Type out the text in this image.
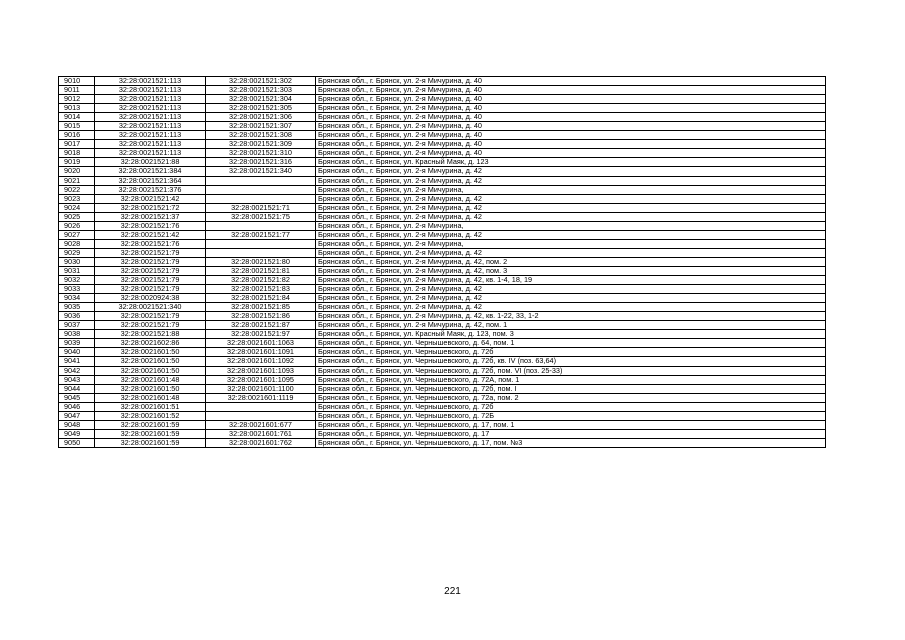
9010	32:28:0021521:113	32:28:0021521:302	Брянская обл., г. Брянск, ул. 2-я Мичурина, д. 40
9011	32:28:0021521:113	32:28:0021521:303	Брянская обл., г. Брянск, ул. 2-я Мичурина, д. 40
9012	32:28:0021521:113	32:28:0021521:304	Брянская обл., г. Брянск, ул. 2-я Мичурина, д. 40
9013	32:28:0021521:113	32:28:0021521:305	Брянская обл., г. Брянск, ул. 2-я Мичурина, д. 40
9014	32:28:0021521:113	32:28:0021521:306	Брянская обл., г. Брянск, ул. 2-я Мичурина, д. 40
9015	32:28:0021521:113	32:28:0021521:307	Брянская обл., г. Брянск, ул. 2-я Мичурина, д. 40
9016	32:28:0021521:113	32:28:0021521:308	Брянская обл., г. Брянск, ул. 2-я Мичурина, д. 40
9017	32:28:0021521:113	32:28:0021521:309	Брянская обл., г. Брянск, ул. 2-я Мичурина, д. 40
9018	32:28:0021521:113	32:28:0021521:310	Брянская обл., г. Брянск, ул. 2-я Мичурина, д. 40
9019	32:28:0021521:88	32:28:0021521:316	Брянская обл., г. Брянск, ул. Красный Маяк, д. 123
9020	32:28:0021521:384	32:28:0021521:340	Брянская обл., г. Брянск, ул. 2-я Мичурина, д. 42
9021	32:28:0021521:364		Брянская обл., г. Брянск, ул. 2-я Мичурина, д. 42
9022	32:28:0021521:376		Брянская обл., г. Брянск, ул. 2-я Мичурина,
9023	32:28:0021521:42		Брянская обл., г. Брянск, ул. 2-я Мичурина, д. 42
9024	32:28:0021521:72	32:28:0021521:71	Брянская обл., г. Брянск, ул. 2-я Мичурина, д. 42
9025	32:28:0021521:37	32:28:0021521:75	Брянская обл., г. Брянск, ул. 2-я Мичурина, д. 42
9026	32:28:0021521:76		Брянская обл., г. Брянск, ул. 2-я Мичурина,
9027	32:28:0021521:42	32:28:0021521:77	Брянская обл., г. Брянск, ул. 2-я Мичурина, д. 42
9028	32:28:0021521:76		Брянская обл., г. Брянск, ул. 2-я Мичурина,
9029	32:28:0021521:79		Брянская обл., г. Брянск, ул. 2-я Мичурина, д. 42
9030	32:28:0021521:79	32:28:0021521:80	Брянская обл., г. Брянск, ул. 2-я Мичурина, д. 42, пом. 2
9031	32:28:0021521:79	32:28:0021521:81	Брянская обл., г. Брянск, ул. 2-я Мичурина, д. 42, пом. 3
9032	32:28:0021521:79	32:28:0021521:82	Брянская обл., г. Брянск, ул. 2-я Мичурина, д. 42, кв. 1-4, 18, 19
9033	32:28:0021521:79	32:28:0021521:83	Брянская обл., г. Брянск, ул. 2-я Мичурина, д. 42
9034	32:28:0020924:38	32:28:0021521:84	Брянская обл., г. Брянск, ул. 2-я Мичурина, д. 42
9035	32:28:0021521:340	32:28:0021521:85	Брянская обл., г. Брянск, ул. 2-я Мичурина, д. 42
9036	32:28:0021521:79	32:28:0021521:86	Брянская обл., г. Брянск, ул. 2-я Мичурина, д. 42, кв. 1-22, 33, 1-2
9037	32:28:0021521:79	32:28:0021521:87	Брянская обл., г. Брянск, ул. 2-я Мичурина, д. 42, пом. 1
9038	32:28:0021521:88	32:28:0021521:97	Брянская обл., г. Брянск, ул. Красный Маяк, д. 123, пом. 3
9039	32:28:0021602:86	32:28:0021601:1063	Брянская обл., г. Брянск, ул. Чернышевского, д. 64, пом. 1
9040	32:28:0021601:50	32:28:0021601:1091	Брянская обл., г. Брянск, ул. Чернышевского, д. 72б
9041	32:28:0021601:50	32:28:0021601:1092	Брянская обл., г. Брянск, ул. Чернышевского, д. 72б, кв. IV (поз. 63,64)
9042	32:28:0021601:50	32:28:0021601:1093	Брянская обл., г. Брянск, ул. Чернышевского, д. 72б, пом. VI (поз. 25-33)
9043	32:28:0021601:48	32:28:0021601:1095	Брянская обл., г. Брянск, ул. Чернышевского, д. 72А, пом. 1
9044	32:28:0021601:50	32:28:0021601:1100	Брянская обл., г. Брянск, ул. Чернышевского, д. 72б, пом. I
9045	32:28:0021601:48	32:28:0021601:1119	Брянская обл., г. Брянск, ул. Чернышевского, д. 72а, пом. 2
9046	32:28:0021601:51		Брянская обл., г. Брянск, ул. Чернышевского, д. 72б
9047	32:28:0021601:52		Брянская обл., г. Брянск, ул. Чернышевского, д. 72Б
9048	32:28:0021601:59	32:28:0021601:677	Брянская обл., г. Брянск, ул. Чернышевского, д. 17, пом. 1
9049	32:28:0021601:59	32:28:0021601:761	Брянская обл., г. Брянск, ул. Чернышевского, д. 17
9050	32:28:0021601:59	32:28:0021601:762	Брянская обл., г. Брянск, ул. Чернышевского, д. 17, пом. №3
221
